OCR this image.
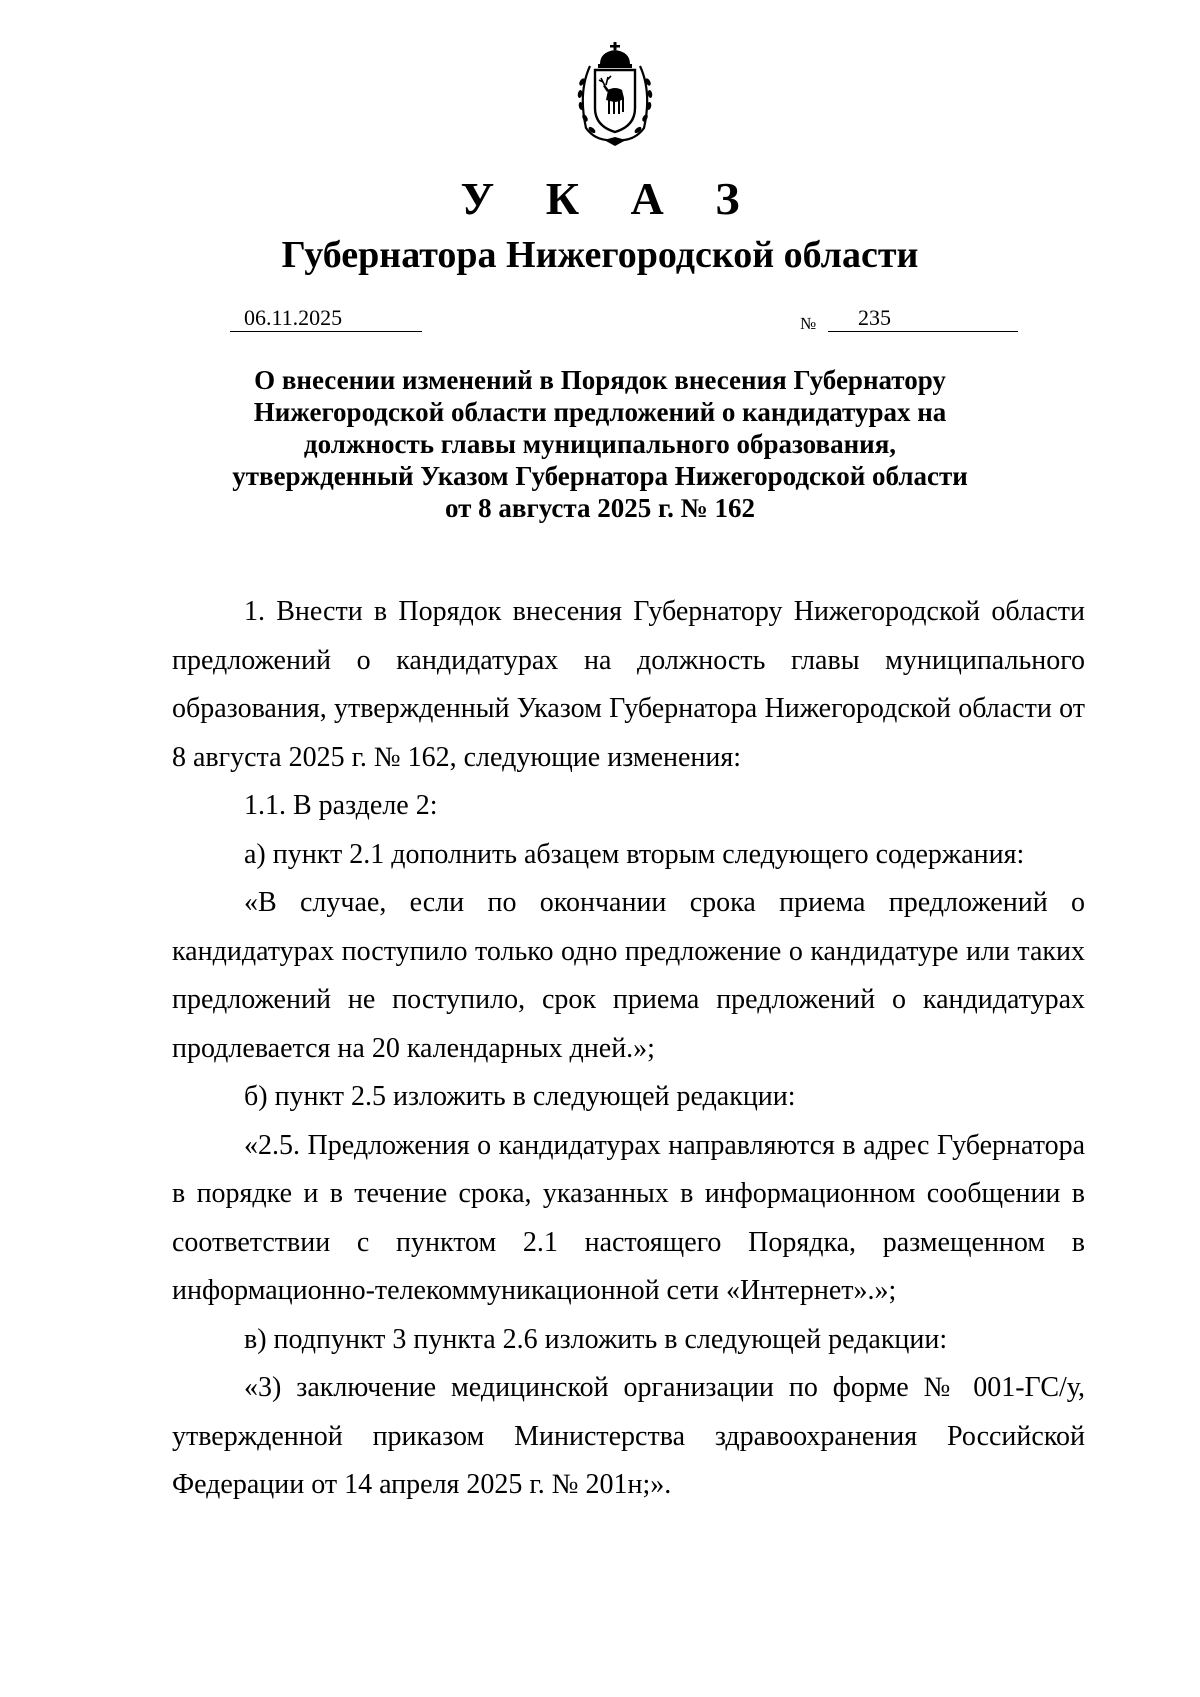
У К А З
Губернатора Нижегородской области
06.11.2025	№	235
О внесении изменений в Порядок внесения Губернатору
Нижегородской области предложений о кандидатурах на
должность главы муниципального образования,
утвержденный Указом Губернатора Нижегородской области
от 8 августа 2025 г. № 162

1. Внести в Порядок внесения Губернатору Нижегородской области предложений о кандидатурах на должность главы муниципального образования, утвержденный Указом Губернатора Нижегородской области от 8 августа 2025 г. № 162, следующие изменения:

1.1. В разделе 2:

а) пункт 2.1 дополнить абзацем вторым следующего содержания:

«В случае, если по окончании срока приема предложений о кандидатурах поступило только одно предложение о кандидатуре или таких предложений не поступило, срок приема предложений о кандидатурах продлевается на 20 календарных дней.»;

б) пункт 2.5 изложить в следующей редакции:

«2.5. Предложения о кандидатурах направляются в адрес Губернатора в порядке и в течение срока, указанных в информационном сообщении в соответствии с пунктом 2.1 настоящего Порядка, размещенном в информационно-телекоммуникационной сети «Интернет».»;

в) подпункт 3 пункта 2.6 изложить в следующей редакции:

«3) заключение медицинской организации по форме № 001-ГС/у, утвержденной приказом Министерства здравоохранения Российской Федерации от 14 апреля 2025 г. № 201н;».
